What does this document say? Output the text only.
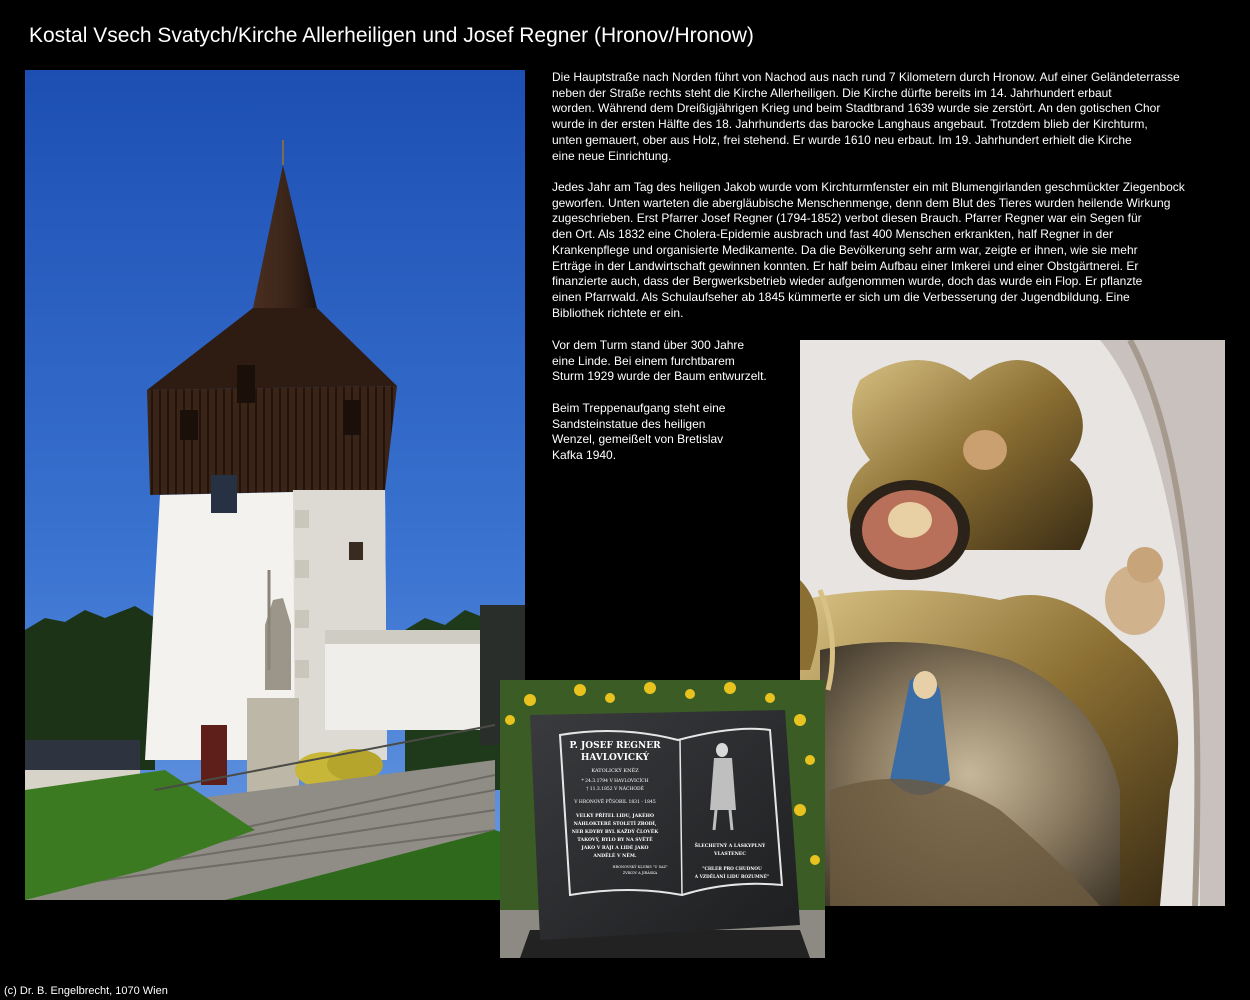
Kostal Vsech Svatych/Kirche Allerheiligen und Josef Regner (Hronov/Hronow)
Die Hauptstraße nach Norden führt von Nachod aus nach rund 7 Kilometern durch Hronow. Auf einer Geländeterrasse
neben der Straße rechts steht die Kirche Allerheiligen. Die Kirche dürfte bereits im 14. Jahrhundert erbaut
worden. Während dem Dreißigjährigen Krieg und beim Stadtbrand 1639 wurde sie zerstört. An den gotischen Chor
wurde in der ersten Hälfte des 18. Jahrhunderts das barocke Langhaus angebaut. Trotzdem blieb der Kirchturm,
unten gemauert, ober aus Holz, frei stehend. Er wurde 1610 neu erbaut. Im 19. Jahrhundert erhielt die Kirche
eine neue Einrichtung.
Jedes Jahr am Tag des heiligen Jakob wurde vom Kirchturmfenster ein mit Blumengirlanden geschmückter Ziegenbock
geworfen. Unten warteten die abergläubische Menschenmenge, denn dem Blut des Tieres wurden heilende Wirkung
zugeschrieben. Erst Pfarrer Josef Regner (1794-1852) verbot diesen Brauch. Pfarrer Regner war ein Segen für
den Ort. Als 1832 eine Cholera-Epidemie ausbrach und fast 400 Menschen erkrankten, half Regner in der
Krankenpflege und organisierte Medikamente. Da die Bevölkerung sehr arm war, zeigte er ihnen, wie sie mehr
Erträge in der Landwirtschaft gewinnen konnten. Er half beim Aufbau einer Imkerei und einer Obstgärtnerei. Er
finanzierte auch, dass der Bergwerksbetrieb wieder aufgenommen wurde, doch das wurde ein Flop. Er pflanzte
einen Pfarrwald. Als Schulaufseher ab 1845 kümmerte er sich um die Verbesserung der Jugendbildung. Eine
Bibliothek richtete er ein.
Vor dem Turm stand über 300 Jahre
eine Linde. Bei einem furchtbarem
Sturm 1929 wurde der Baum entwurzelt.
Beim Treppenaufgang steht eine
Sandsteinstatue des heiligen
Wenzel, gemeißelt von Bretislav
Kafka 1940.
P. JOSEF REGNER
HAVLOVICKÝ
KATOLICKÝ KNĚZ
* 24.3.1794 V HAVLOVICÍCH
† 11.3.1852 V NÁCHODĚ
V HRONOVĚ PŮSOBIL 1831 - 1845
VELKÝ PŘÍTEL LIDU, JAKÉHO
NÁHLOKTERÉ STOLETÍ ZRODÍ,
NEB KDYBY BYL KAŽDÝ ČLOVĚK
TAKOVÝ, BYLO BY NA SVĚTĚ
JAKO V RÁJI A LIDÉ JAKO
ANDĚLÉ V NĚM.
HRONOVSKÝ KLUBIS "U SAZ"
ZVIKOV A JIRÁSKA
ŠLECHETNÝ A LÁSKYPLNÝ
VLASTENEC
"CHLEB PRO CHUDNOU
A VZDĚLÁNÍ LIDU ROZUMNÉ"
(c) Dr. B. Engelbrecht, 1070 Wien
